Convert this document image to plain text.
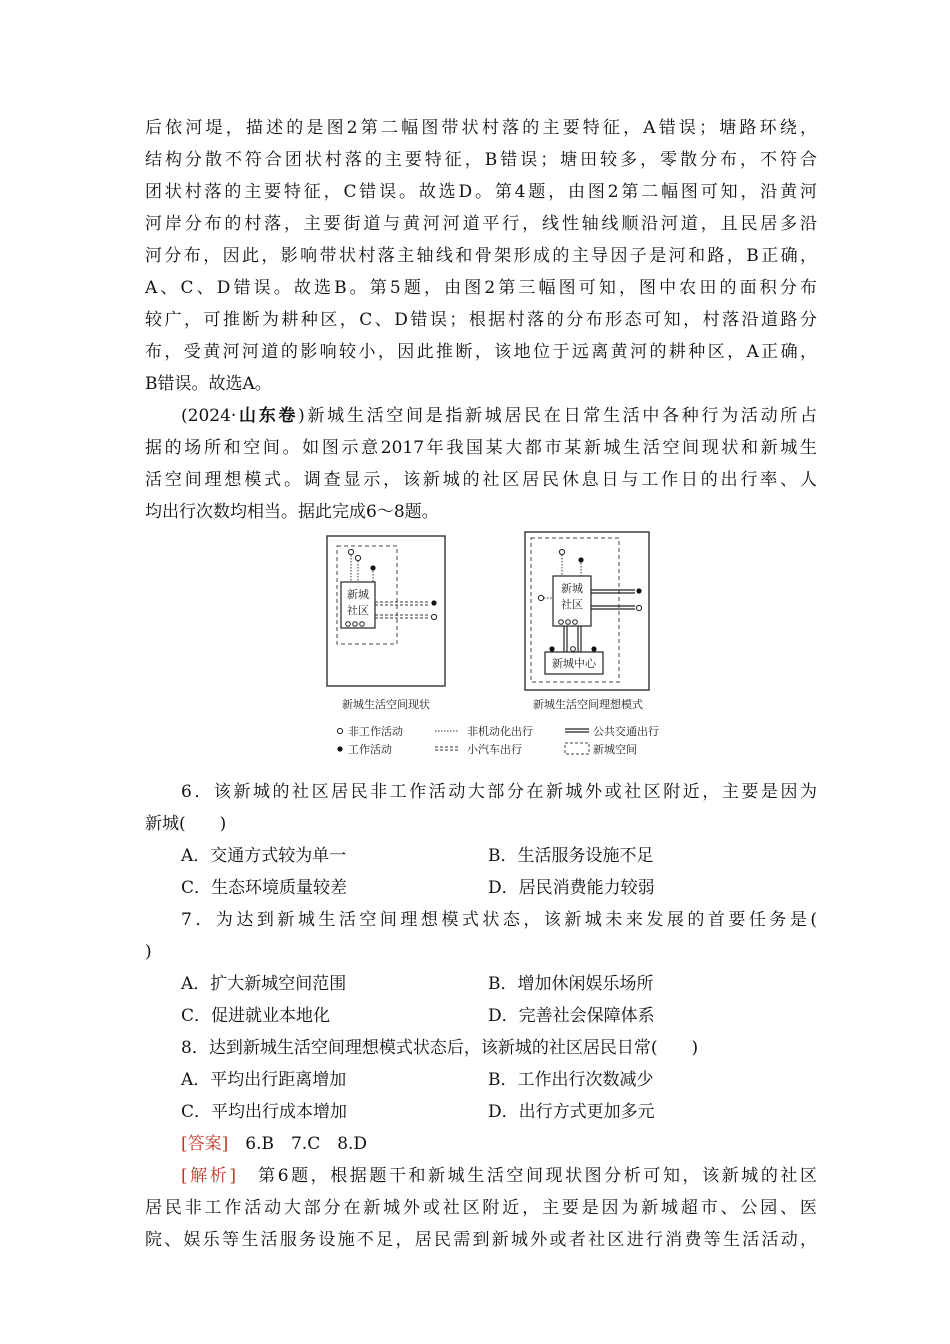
后依河堤，描述的是图2第二幅图带状村落的主要特征，A错误；塘路环绕，
结构分散不符合团状村落的主要特征，B错误；塘田较多，零散分布，不符合
团状村落的主要特征，C错误。故选D。第4题，由图2第二幅图可知，沿黄河
河岸分布的村落，主要街道与黄河河道平行，线性轴线顺沿河道，且民居多沿
河分布，因此，影响带状村落主轴线和骨架形成的主导因子是河和路，B正确，
A、C、D错误。故选B。第5题，由图2第三幅图可知，图中农田的面积分布
较广，可推断为耕种区，C、D错误；根据村落的分布形态可知，村落沿道路分
布，受黄河河道的影响较小，因此推断，该地位于远离黄河的耕种区，A正确，
B错误。故选A。
(2024·山东卷)新城生活空间是指新城居民在日常生活中各种行为活动所占
据的场所和空间。如图示意2017年我国某大都市某新城生活空间现状和新城生
活空间理想模式。调查显示，该新城的社区居民休息日与工作日的出行率、人
均出行次数均相当。据此完成6～8题。
新城
社区
新城生活空间现状
新城
社区
新城中心
新城生活空间理想模式
非工作活动
工作活动
非机动化出行
小汽车出行
公共交通出行
新城空间
6．该新城的社区居民非工作活动大部分在新城外或社区附近，主要是因为
新城(　　)
A．交通方式较为单一	B．生活服务设施不足
C．生态环境质量较差	D．居民消费能力较弱
7．为达到新城生活空间理想模式状态，该新城未来发展的首要任务是(
)
A．扩大新城空间范围	B．增加休闲娱乐场所
C．促进就业本地化	D．完善社会保障体系
8．达到新城生活空间理想模式状态后，该新城的社区居民日常(　　)
A．平均出行距离增加	B．工作出行次数减少
C．平均出行成本增加	D．出行方式更加多元
[答案]　6.B　7.C　8.D
[解析]　第6题，根据题干和新城生活空间现状图分析可知，该新城的社区
居民非工作活动大部分在新城外或社区附近，主要是因为新城超市、公园、医
院、娱乐等生活服务设施不足，居民需到新城外或者社区进行消费等生活活动，
